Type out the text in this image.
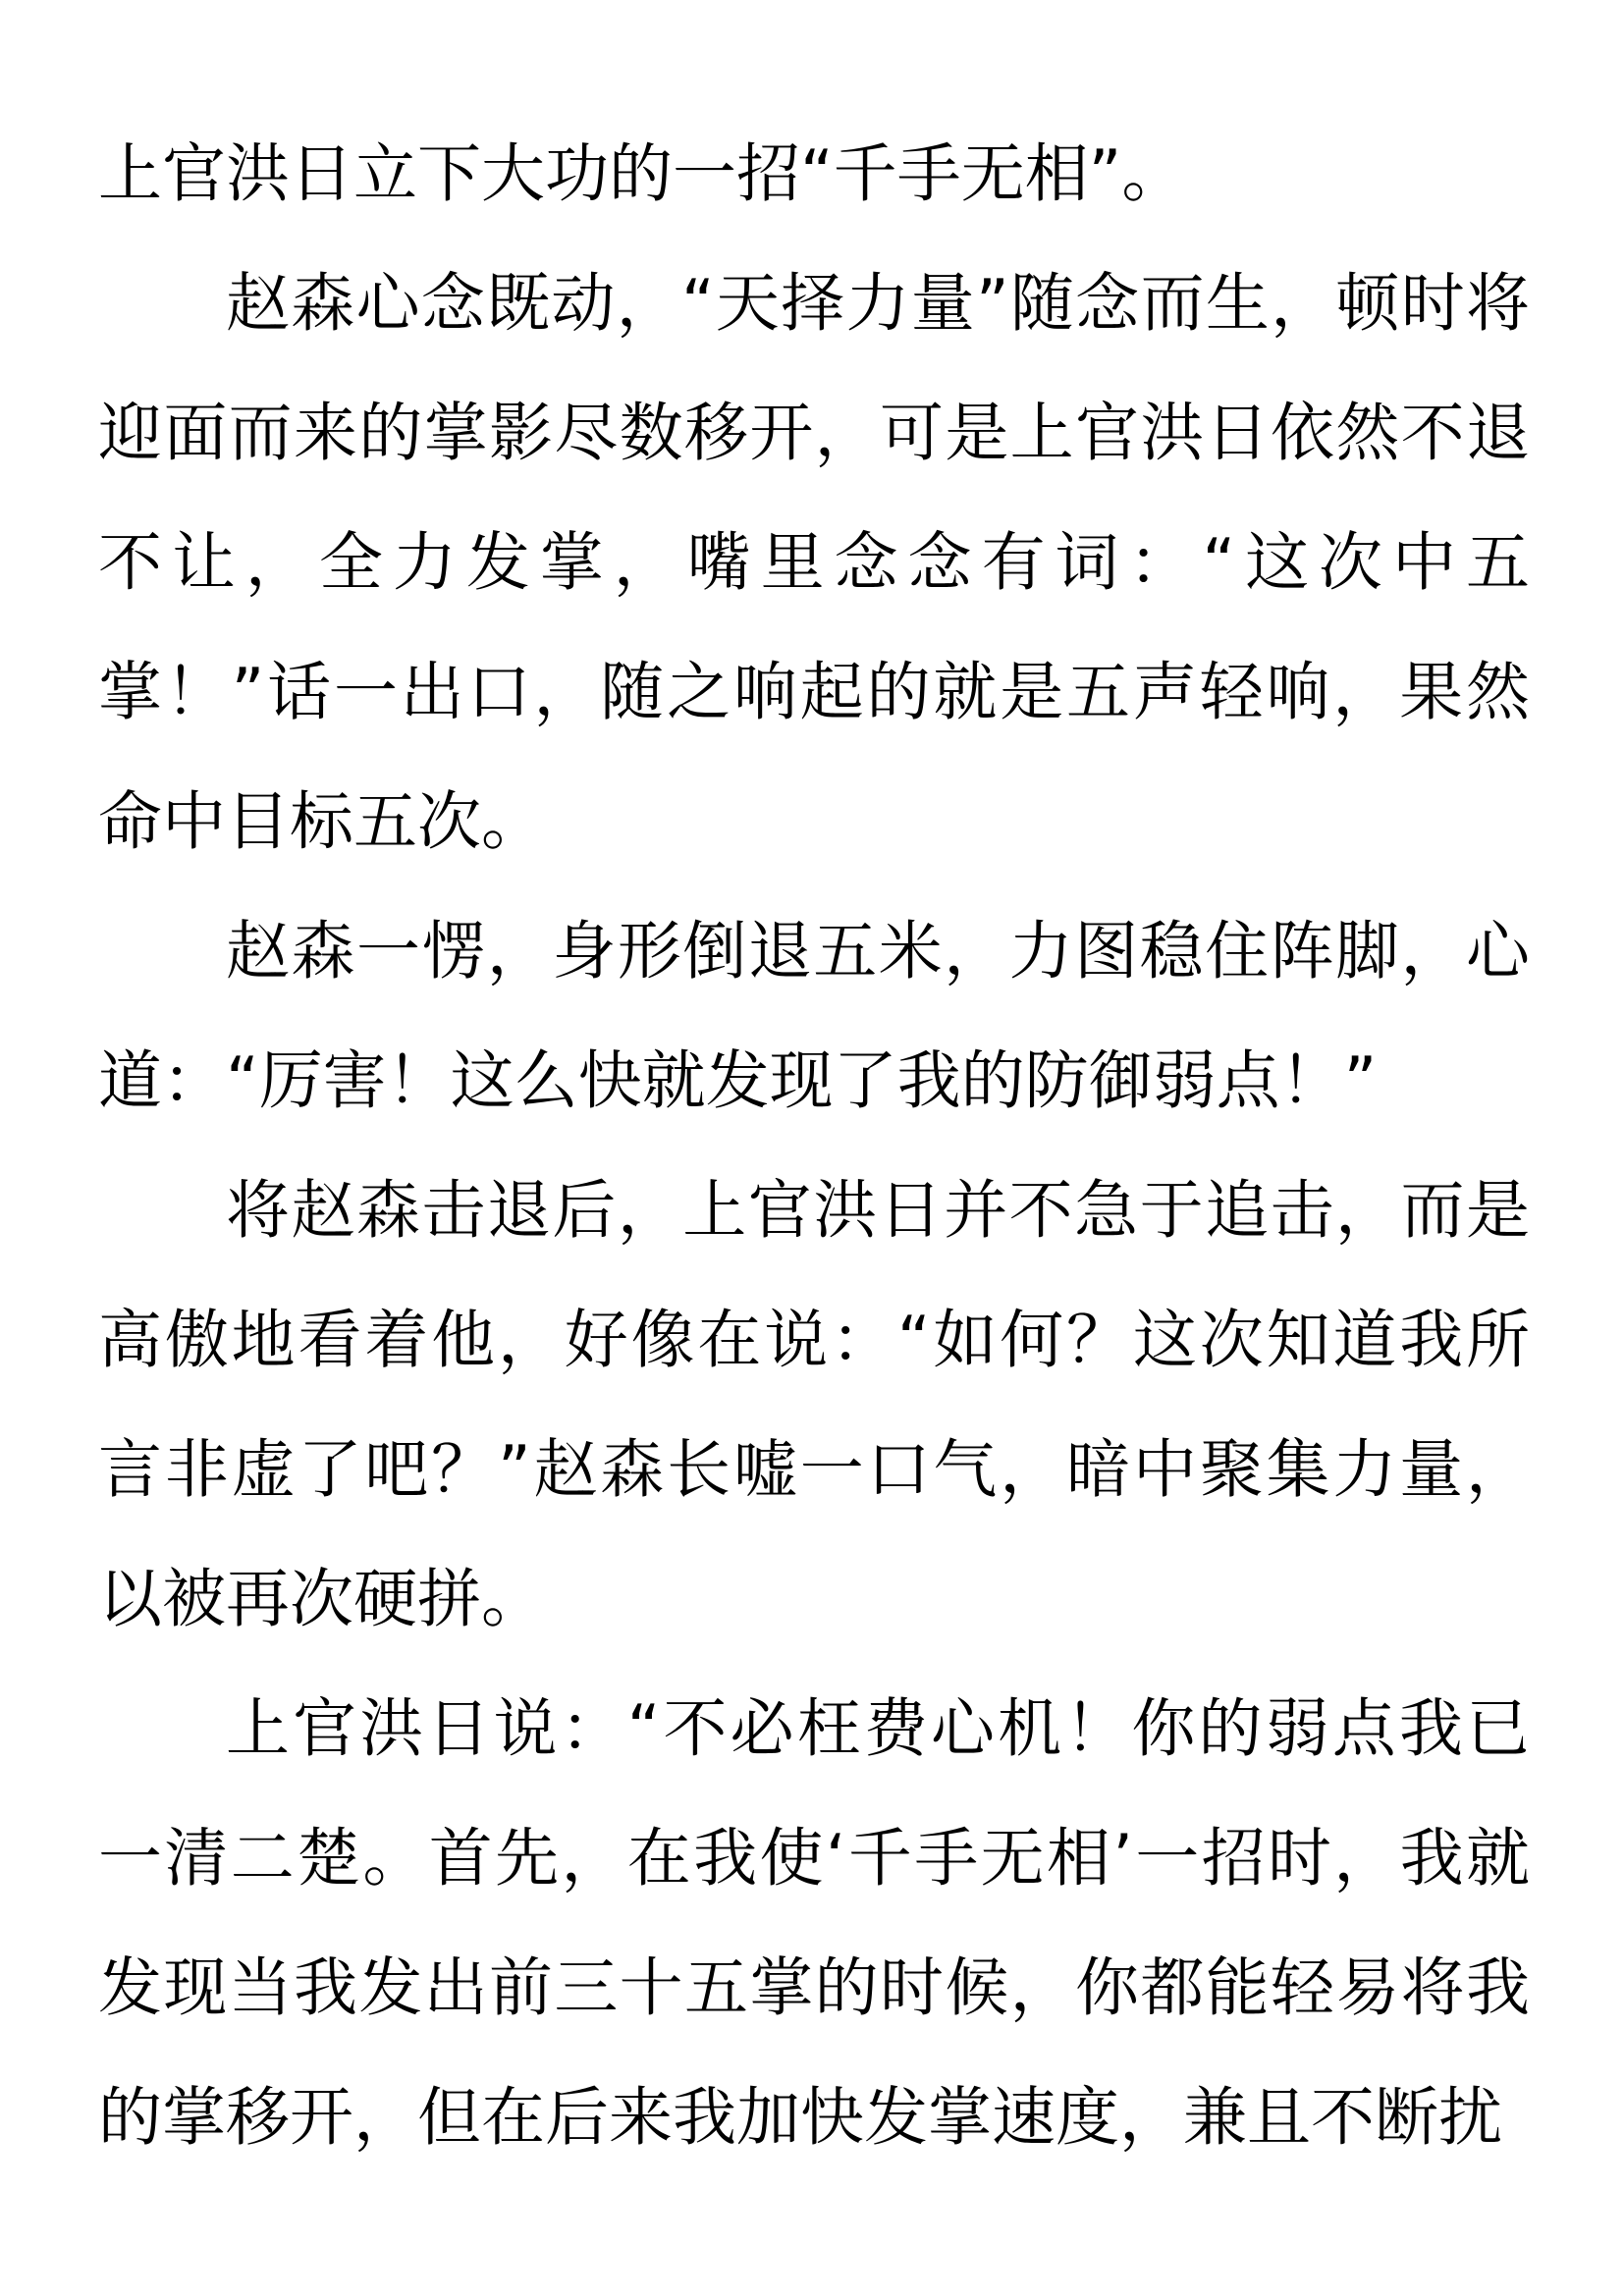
上官洪日立下大功的一招“千手无相”。

赵森心念既动，“天择力量”随念而生，顿时将迎面而来的掌影尽数移开，可是上官洪日依然不退不让，全力发掌，嘴里念念有词：“这次中五掌！”话一出口，随之响起的就是五声轻响，果然命中目标五次。

赵森一愣，身形倒退五米，力图稳住阵脚，心道：“厉害！这么快就发现了我的防御弱点！”

将赵森击退后，上官洪日并不急于追击，而是高傲地看着他，好像在说：“如何？这次知道我所言非虚了吧？”赵森长嘘一口气，暗中聚集力量，以被再次硬拼。

上官洪日说：“不必枉费心机！你的弱点我已一清二楚。首先，在我使‘千手无相’一招时，我就发现当我发出前三十五掌的时候，你都能轻易将我的掌移开，但在后来我加快发掌速度，兼且不断扰
